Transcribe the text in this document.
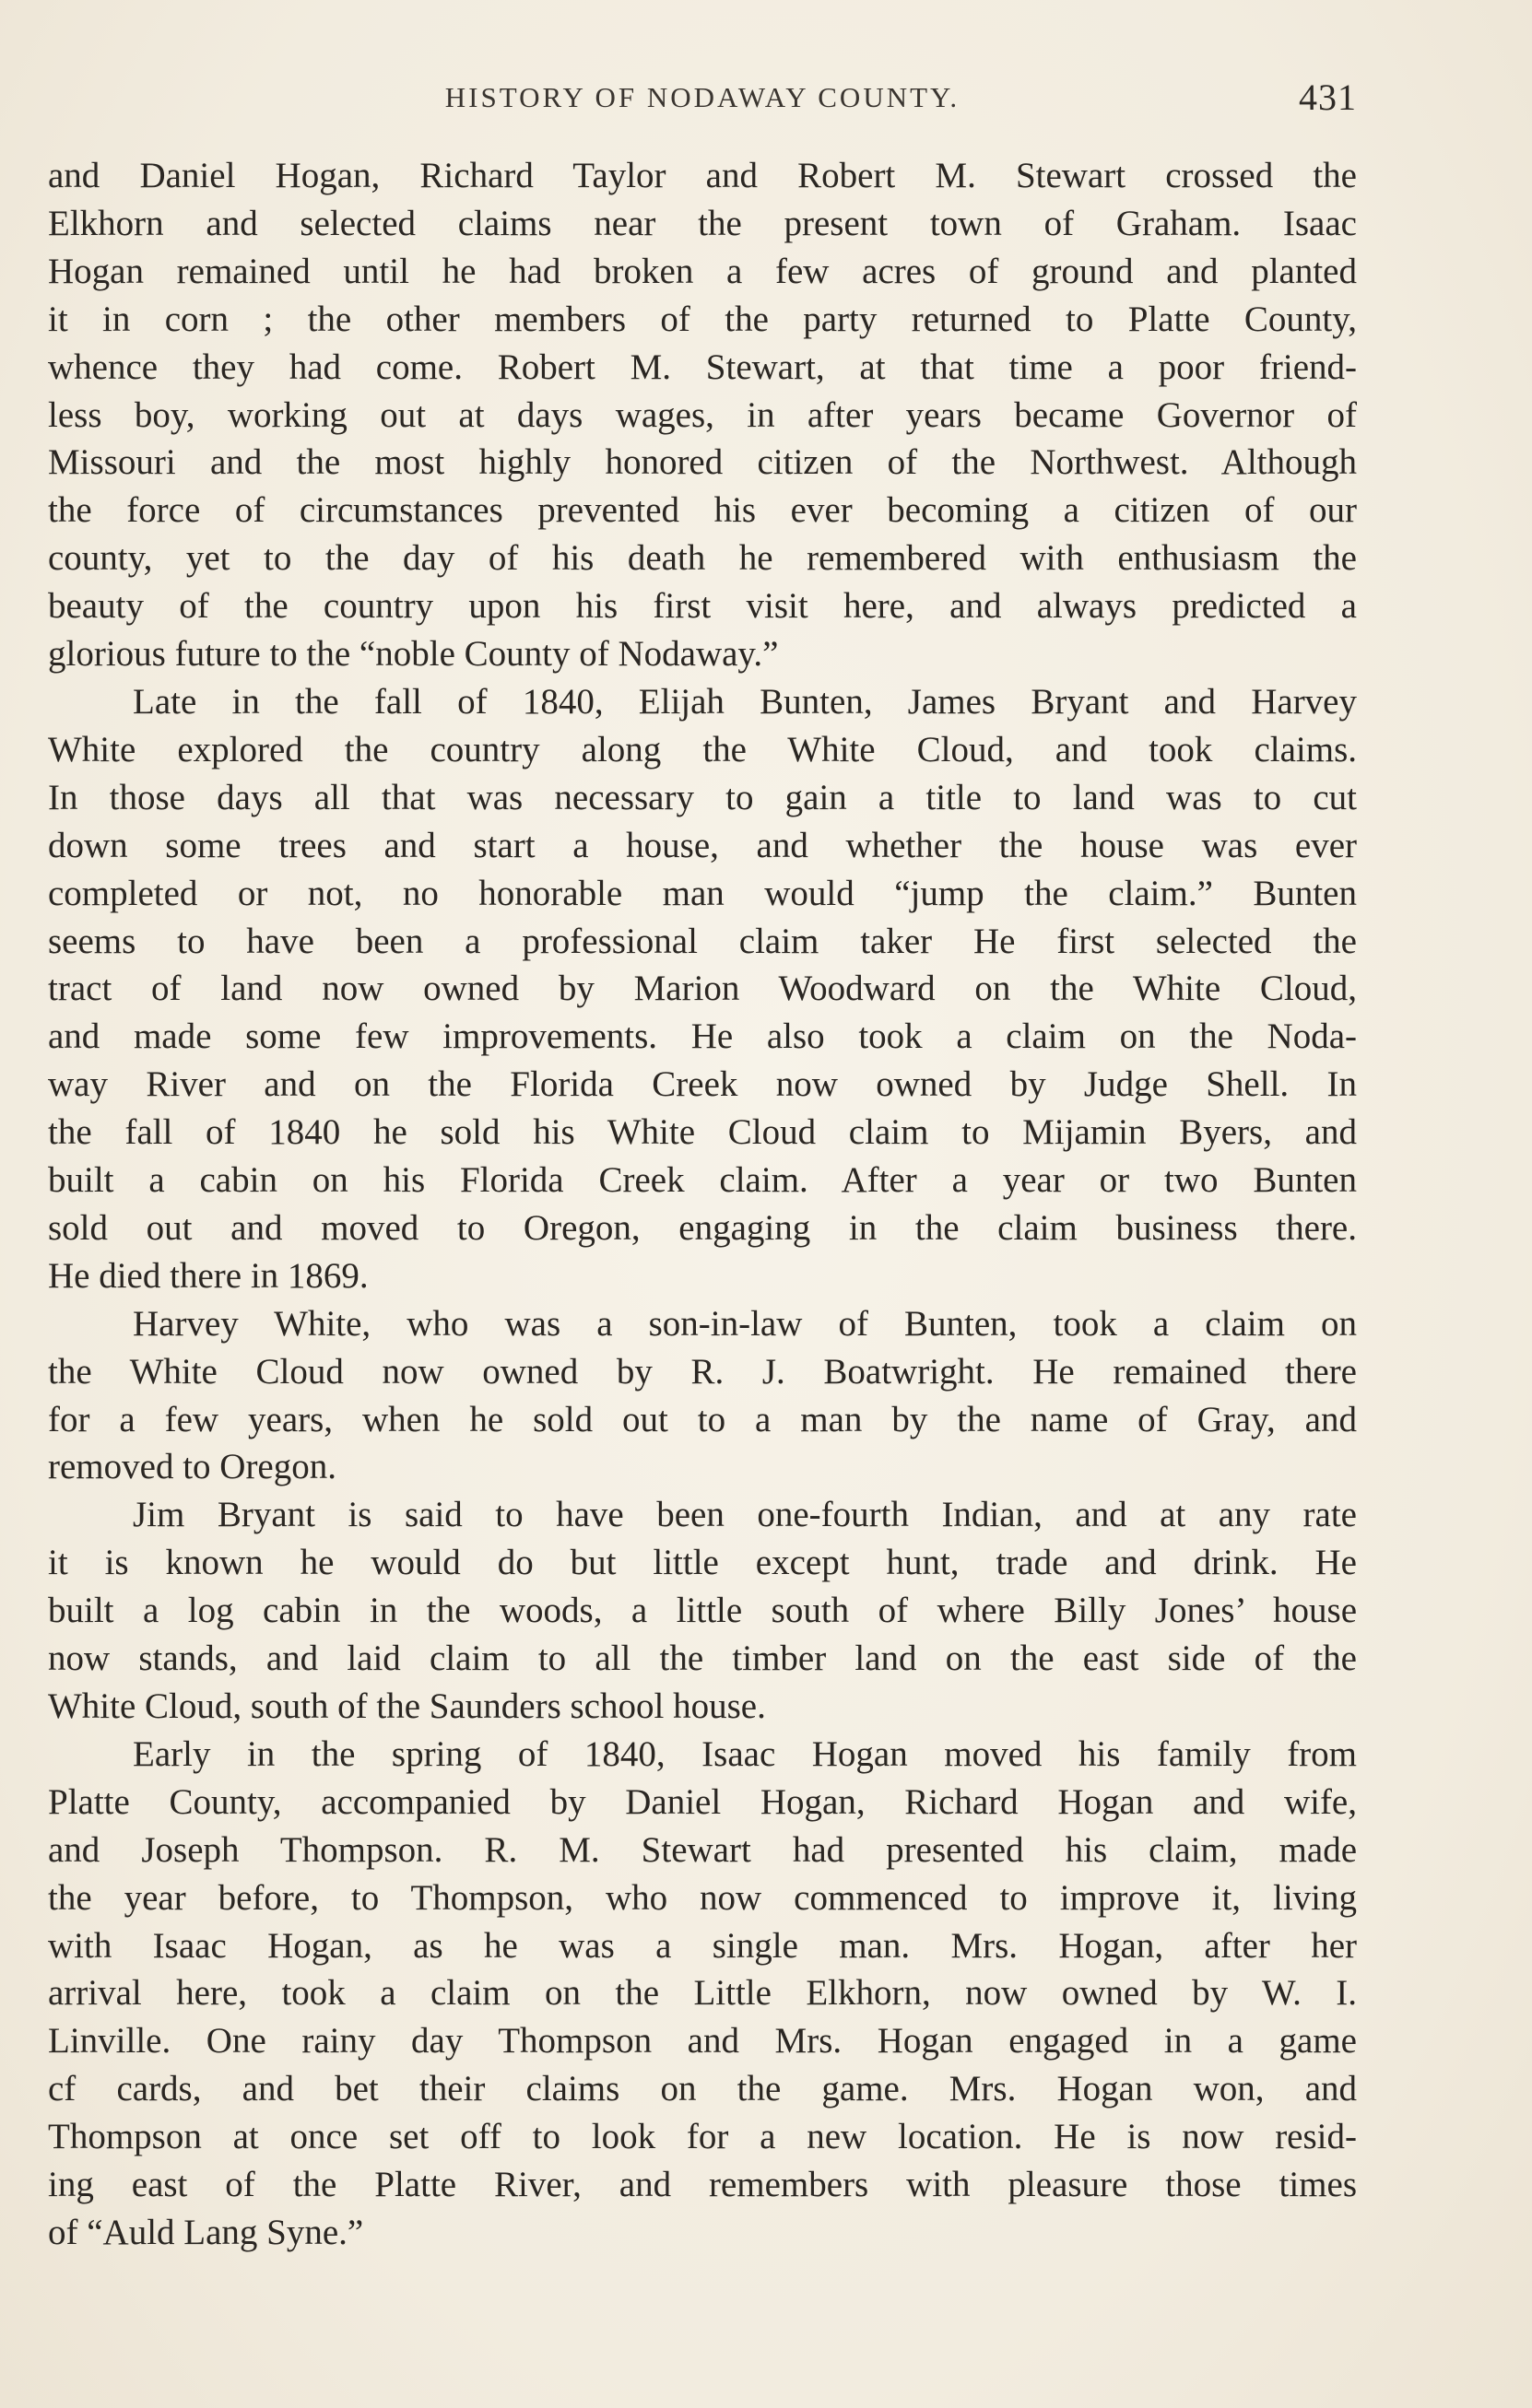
HISTORY OF NODAWAY COUNTY.	431

and Daniel Hogan, Richard Taylor and Robert M. Stewart crossed the
Elkhorn and selected claims near the present town of Graham. Isaac
Hogan remained until he had broken a few acres of ground and planted
it in corn ; the other members of the party returned to Platte County,
whence they had come. Robert M. Stewart, at that time a poor friend-
less boy, working out at days wages, in after years became Governor of
Missouri and the most highly honored citizen of the Northwest. Although
the force of circumstances prevented his ever becoming a citizen of our
county, yet to the day of his death he remembered with enthusiasm the
beauty of the country upon his first visit here, and always predicted a
glorious future to the “noble County of Nodaway.”

Late in the fall of 1840, Elijah Bunten, James Bryant and Harvey
White explored the country along the White Cloud, and took claims.
In those days all that was necessary to gain a title to land was to cut
down some trees and start a house, and whether the house was ever
completed or not, no honorable man would “jump the claim.” Bunten
seems to have been a professional claim taker He first selected the
tract of land now owned by Marion Woodward on the White Cloud,
and made some few improvements. He also took a claim on the Noda-
way River and on the Florida Creek now owned by Judge Shell. In
the fall of 1840 he sold his White Cloud claim to Mijamin Byers, and
built a cabin on his Florida Creek claim. After a year or two Bunten
sold out and moved to Oregon, engaging in the claim business there.
He died there in 1869.

Harvey White, who was a son-in-law of Bunten, took a claim on
the White Cloud now owned by R. J. Boatwright. He remained there
for a few years, when he sold out to a man by the name of Gray, and
removed to Oregon.

Jim Bryant is said to have been one-fourth Indian, and at any rate
it is known he would do but little except hunt, trade and drink. He
built a log cabin in the woods, a little south of where Billy Jones’ house
now stands, and laid claim to all the timber land on the east side of the
White Cloud, south of the Saunders school house.

Early in the spring of 1840, Isaac Hogan moved his family from
Platte County, accompanied by Daniel Hogan, Richard Hogan and wife,
and Joseph Thompson. R. M. Stewart had presented his claim, made
the year before, to Thompson, who now commenced to improve it, living
with Isaac Hogan, as he was a single man. Mrs. Hogan, after her
arrival here, took a claim on the Little Elkhorn, now owned by W. I.
Linville. One rainy day Thompson and Mrs. Hogan engaged in a game
cf cards, and bet their claims on the game. Mrs. Hogan won, and
Thompson at once set off to look for a new location. He is now resid-
ing east of the Platte River, and remembers with pleasure those times
of “Auld Lang Syne.”
